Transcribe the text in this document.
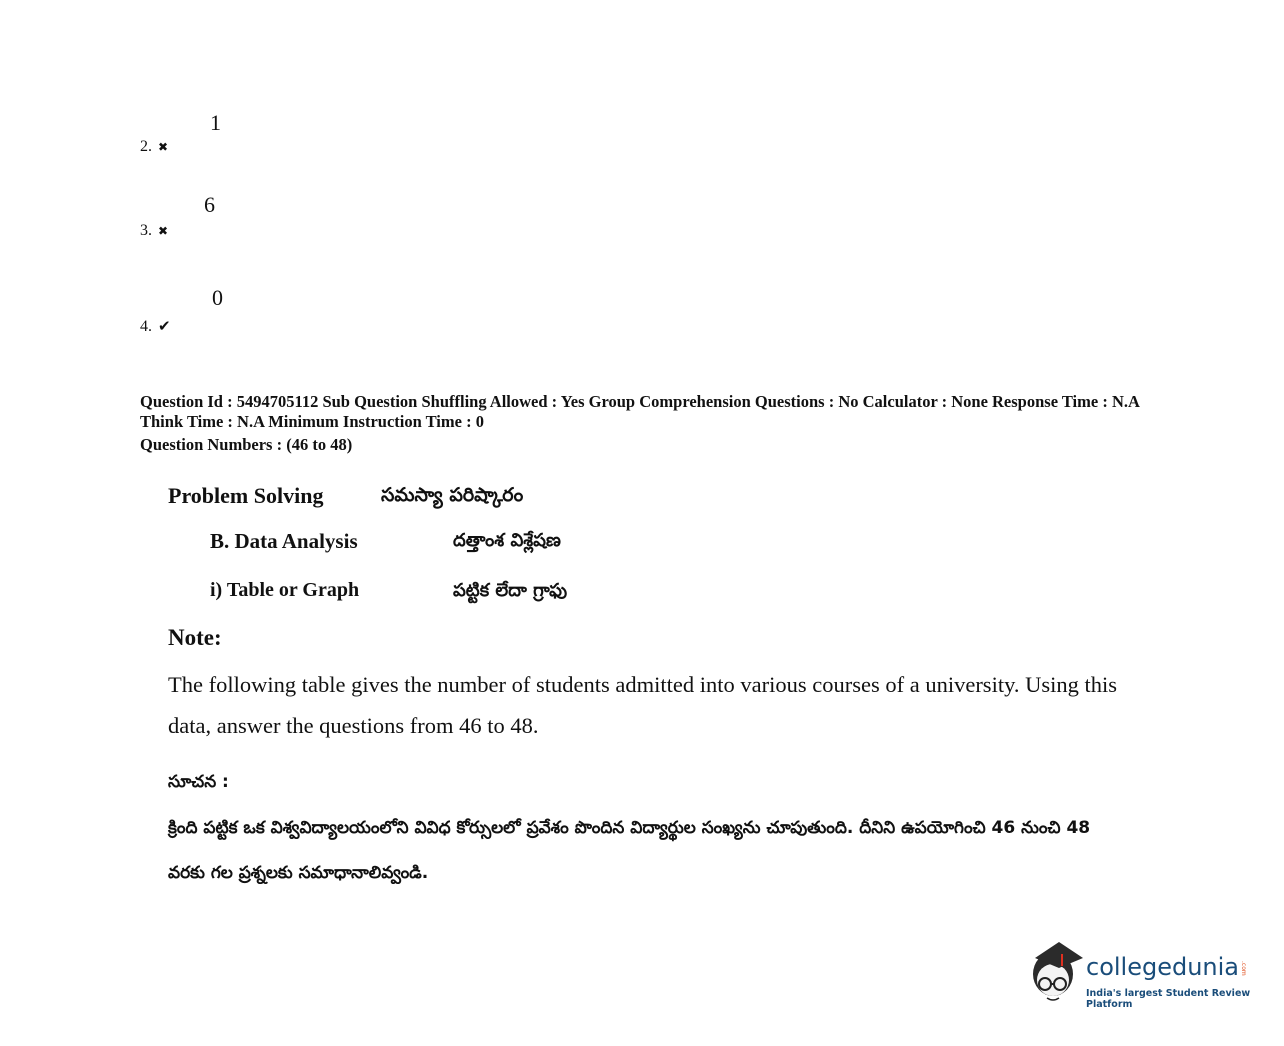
1
2. ✖
6
3. ✖
0
4. ✔
Question Id : 5494705112 Sub Question Shuffling Allowed : Yes Group Comprehension Questions : No Calculator : None Response Time : N.A Think Time : N.A Minimum Instruction Time : 0
Question Numbers : (46 to 48)
Problem Solving	సమస్యా పరిష్కారం
B. Data Analysis	దత్తాంశ విశ్లేషణ
i) Table or Graph	పట్టిక లేదా గ్రాఫు
Note:
The following table gives the number of students admitted into various courses of a university. Using this data, answer the questions from 46 to 48.
సూచన :
క్రింది పట్టిక ఒక విశ్వవిద్యాలయంలోని వివిధ కోర్సులలో ప్రవేశం పొందిన విద్యార్థుల సంఖ్యను చూపుతుంది. దీనిని ఉపయోగించి 46 నుంచి 48 వరకు గల ప్రశ్నలకు సమాధానాలివ్వండి.
collegedunia .com
India's largest Student Review Platform
